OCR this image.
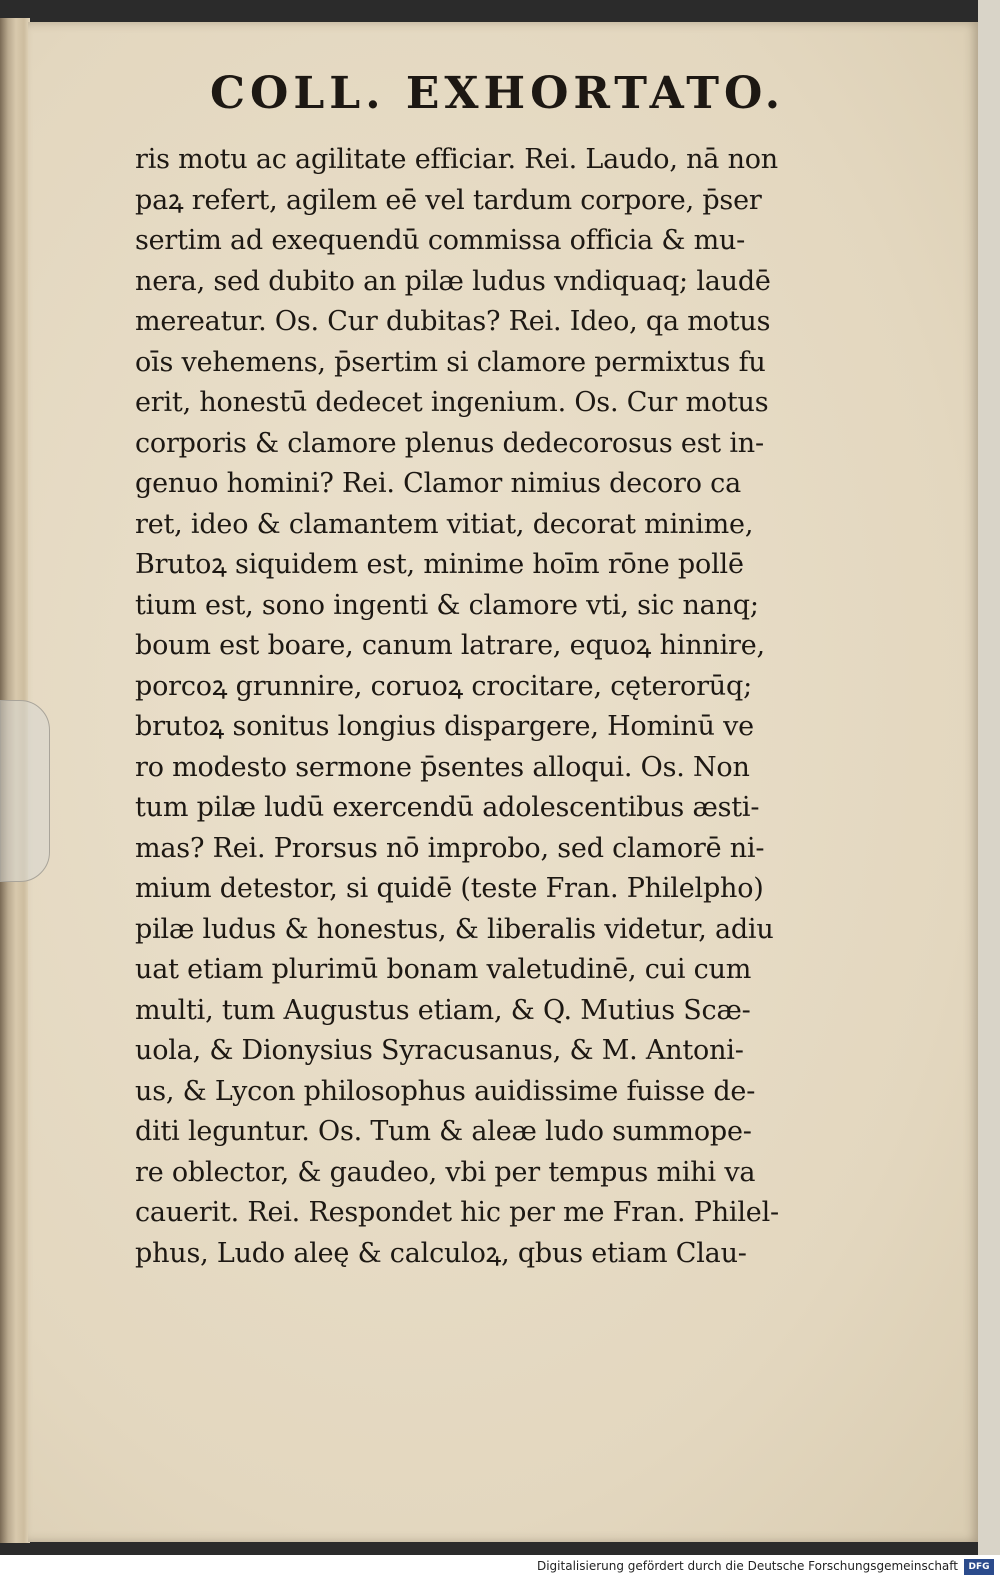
COLL. EXHORTATO.
ris motu ac agilitate efficiar. Rei. Laudo, nā non
paꝝ refert, agilem eē vel tardum corpore, p̄ser
sertim ad exequendū commissa officia & mu-
nera, sed dubito an pilæ ludus vndiquaq; laudē
mereatur. Os. Cur dubitas? Rei. Ideo, qa motus
oīs vehemens, p̄sertim si clamore permixtus fu
erit, honestū dedecet ingenium. Os. Cur motus
corporis & clamore plenus dedecorosus est in-
genuo homini? Rei. Clamor nimius decoro ca
ret, ideo & clamantem vitiat, decorat minime,
Brutoꝝ siquidem est, minime hoīm rōne pollē
tium est, sono ingenti & clamore vti, sic nanq;
boum est boare, canum latrare, equoꝝ hinnire,
porcoꝝ grunnire, coruoꝝ crocitare, cęterorūq;
brutoꝝ sonitus longius dispargere, Hominū ve
ro modesto sermone p̄sentes alloqui. Os. Non
tum pilæ ludū exercendū adolescentibus æsti-
mas? Rei. Prorsus nō improbo, sed clamorē ni-
mium detestor, si quidē (teste Fran. Philelpho)
pilæ ludus & honestus, & liberalis videtur, adiu
uat etiam plurimū bonam valetudinē, cui cum
multi, tum Augustus etiam, & Q. Mutius Scæ-
uola, & Dionysius Syracusanus, & M. Antoni-
us, & Lycon philosophus auidissime fuisse de-
diti leguntur. Os. Tum & aleæ ludo summope-
re oblector, & gaudeo, vbi per tempus mihi va
cauerit. Rei. Respondet hic per me Fran. Philel-
phus, Ludo aleę & calculoꝝ, qbus etiam Clau-
Digitalisierung gefördert durch die Deutsche Forschungsgemeinschaft	DFG
